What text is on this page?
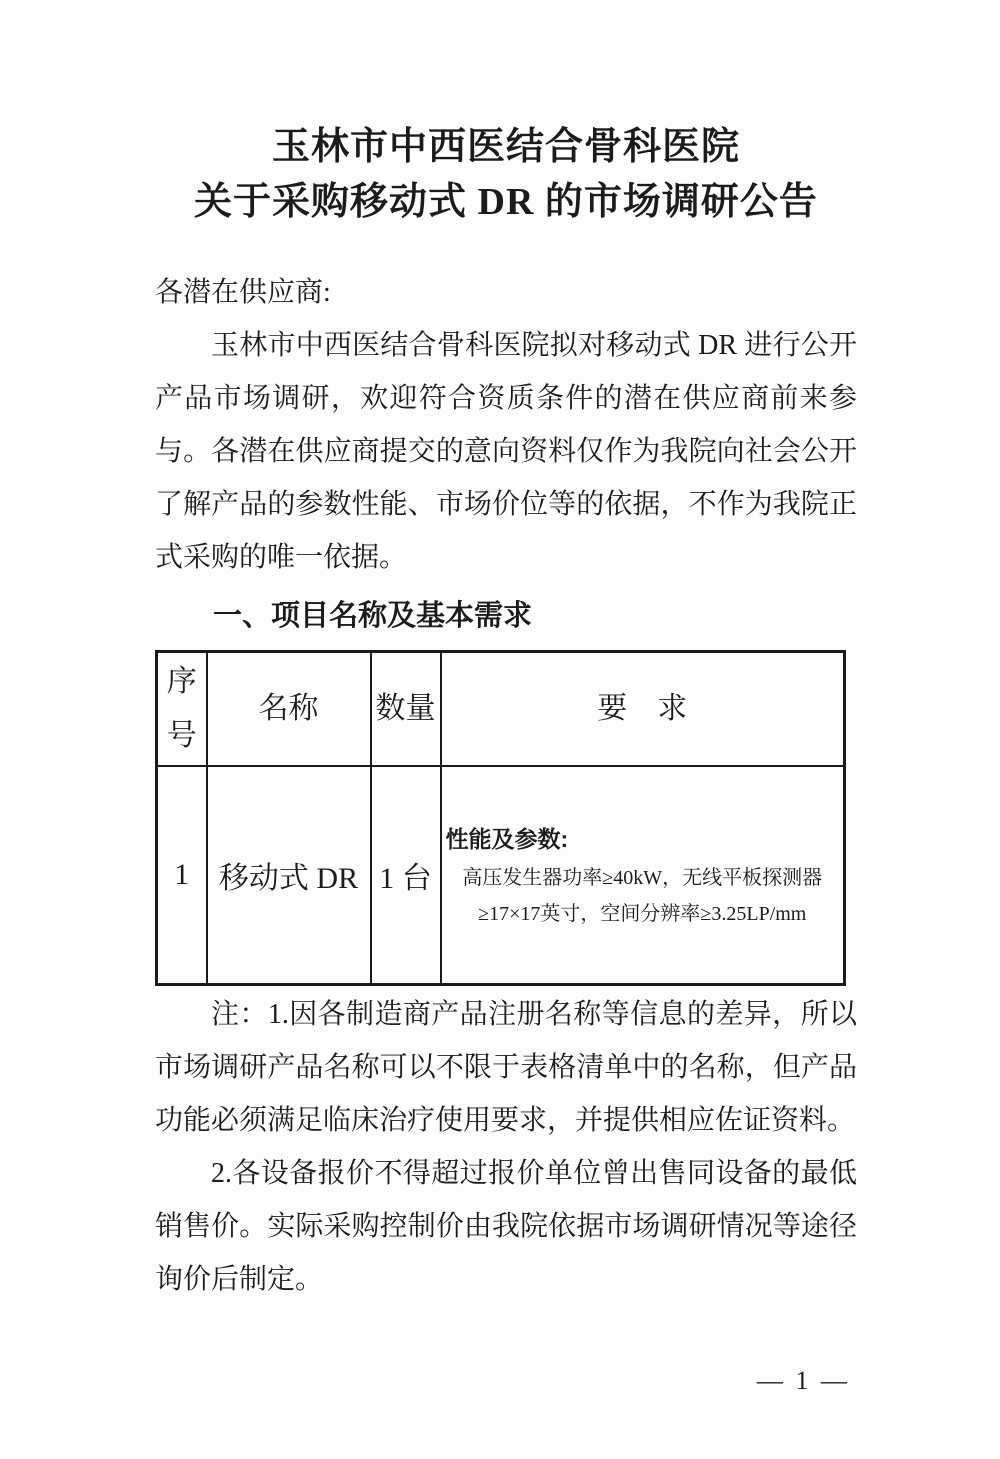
玉林市中西医结合骨科医院
关于采购移动式 DR 的市场调研公告

各潜在供应商:

玉林市中西医结合骨科医院拟对移动式 DR 进行公开产品市场调研，欢迎符合资质条件的潜在供应商前来参与。各潜在供应商提交的意向资料仅作为我院向社会公开了解产品的参数性能、市场价位等的依据，不作为我院正式采购的唯一依据。

一、项目名称及基本需求
序号	名称	数量	要　求
1	移动式 DR	1 台	性能及参数:
高压发生器功率≥40kW，无线平板探测器≥17×17英寸，空间分辨率≥3.25LP/mm

注：1.因各制造商产品注册名称等信息的差异，所以市场调研产品名称可以不限于表格清单中的名称，但产品功能必须满足临床治疗使用要求，并提供相应佐证资料。

2.各设备报价不得超过报价单位曾出售同设备的最低销售价。实际采购控制价由我院依据市场调研情况等途径询价后制定。

— 1 —
